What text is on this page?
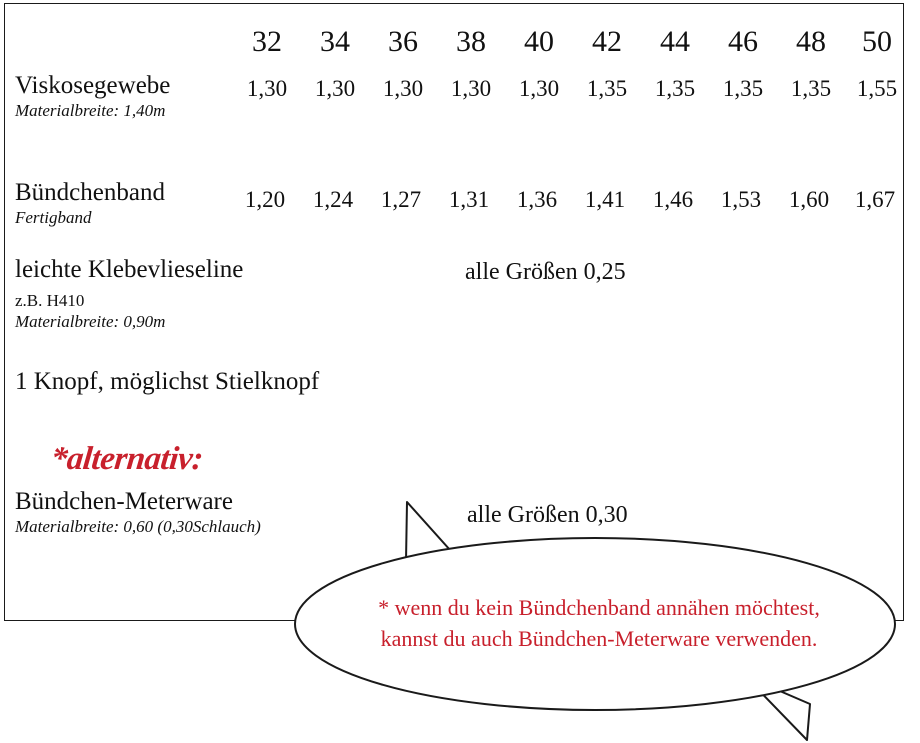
32	34	36	38	40	42	44	46	48	50
Viskosegewebe
Materialbreite: 1,40m
1,30	1,30	1,30	1,30	1,30	1,35	1,35	1,35	1,35	1,55
Bündchenband
Fertigband
1,20	1,24	1,27	1,31	1,36	1,41	1,46	1,53	1,60	1,67
leichte Klebevlieseline
z.B. H410
Materialbreite: 0,90m
alle Größen 0,25
1 Knopf, möglichst Stielknopf
*alternativ:
Bündchen-Meterware
Materialbreite: 0,60 (0,30Schlauch)	alle Größen 0,30
* wenn du kein Bündchenband annähen möchtest,
kannst du auch Bündchen-Meterware verwenden.
